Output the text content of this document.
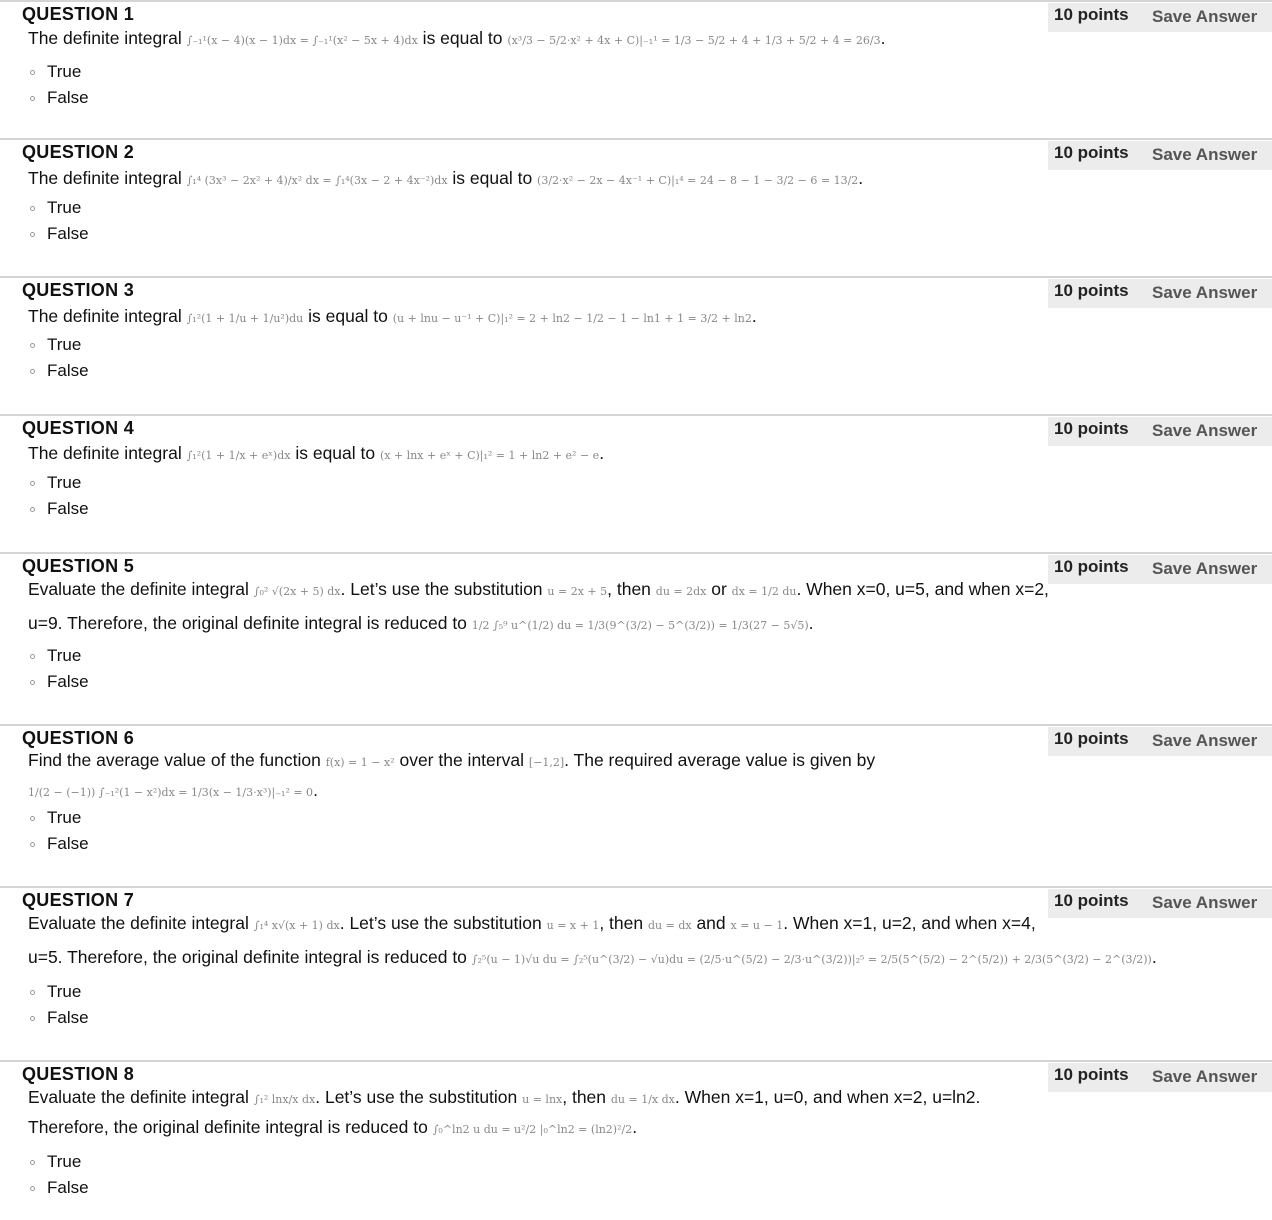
QUESTION 1	10 points Save Answer
The definite integral ∫₋₁¹(x − 4)(x − 1)dx = ∫₋₁¹(x² − 5x + 4)dx is equal to (x³/3 − 5/2·x² + 4x + C)|₋₁¹ = 1/3 − 5/2 + 4 + 1/3 + 5/2 + 4 = 26/3.
True
False
QUESTION 2	10 points Save Answer
The definite integral ∫₁⁴ (3x³ − 2x² + 4)/x² dx = ∫₁⁴(3x − 2 + 4x⁻²)dx is equal to (3/2·x² − 2x − 4x⁻¹ + C)|₁⁴ = 24 − 8 − 1 − 3/2 − 6 = 13/2.
True
False
QUESTION 3	10 points Save Answer
The definite integral ∫₁²(1 + 1/u + 1/u²)du is equal to (u + lnu − u⁻¹ + C)|₁² = 2 + ln2 − 1/2 − 1 − ln1 + 1 = 3/2 + ln2.
True
False
QUESTION 4	10 points Save Answer
The definite integral ∫₁²(1 + 1/x + eˣ)dx is equal to (x + lnx + eˣ + C)|₁² = 1 + ln2 + e² − e.
True
False
QUESTION 5	10 points Save Answer
Evaluate the definite integral ∫₀² √(2x + 5) dx. Let’s use the substitution u = 2x + 5, then du = 2dx or dx = 1/2 du. When x=0, u=5, and when x=2,
u=9. Therefore, the original definite integral is reduced to 1/2 ∫₅⁹ u^(1/2) du = 1/3(9^(3/2) − 5^(3/2)) = 1/3(27 − 5√5).
True
False
QUESTION 6	10 points Save Answer
Find the average value of the function f(x) = 1 − x² over the interval [−1,2]. The required average value is given by
1/(2 − (−1)) ∫₋₁²(1 − x²)dx = 1/3(x − 1/3·x³)|₋₁² = 0.
True
False
QUESTION 7	10 points Save Answer
Evaluate the definite integral ∫₁⁴ x√(x + 1) dx. Let’s use the substitution u = x + 1, then du = dx and x = u − 1. When x=1, u=2, and when x=4,
u=5. Therefore, the original definite integral is reduced to ∫₂⁵(u − 1)√u du = ∫₂⁵(u^(3/2) − √u)du = (2/5·u^(5/2) − 2/3·u^(3/2))|₂⁵ = 2/5(5^(5/2) − 2^(5/2)) + 2/3(5^(3/2) − 2^(3/2)).
True
False
QUESTION 8	10 points Save Answer
Evaluate the definite integral ∫₁² lnx/x dx. Let’s use the substitution u = lnx, then du = 1/x dx. When x=1, u=0, and when x=2, u=ln2.
Therefore, the original definite integral is reduced to ∫₀^ln2 u du = u²/2 |₀^ln2 = (ln2)²/2.
True
False
